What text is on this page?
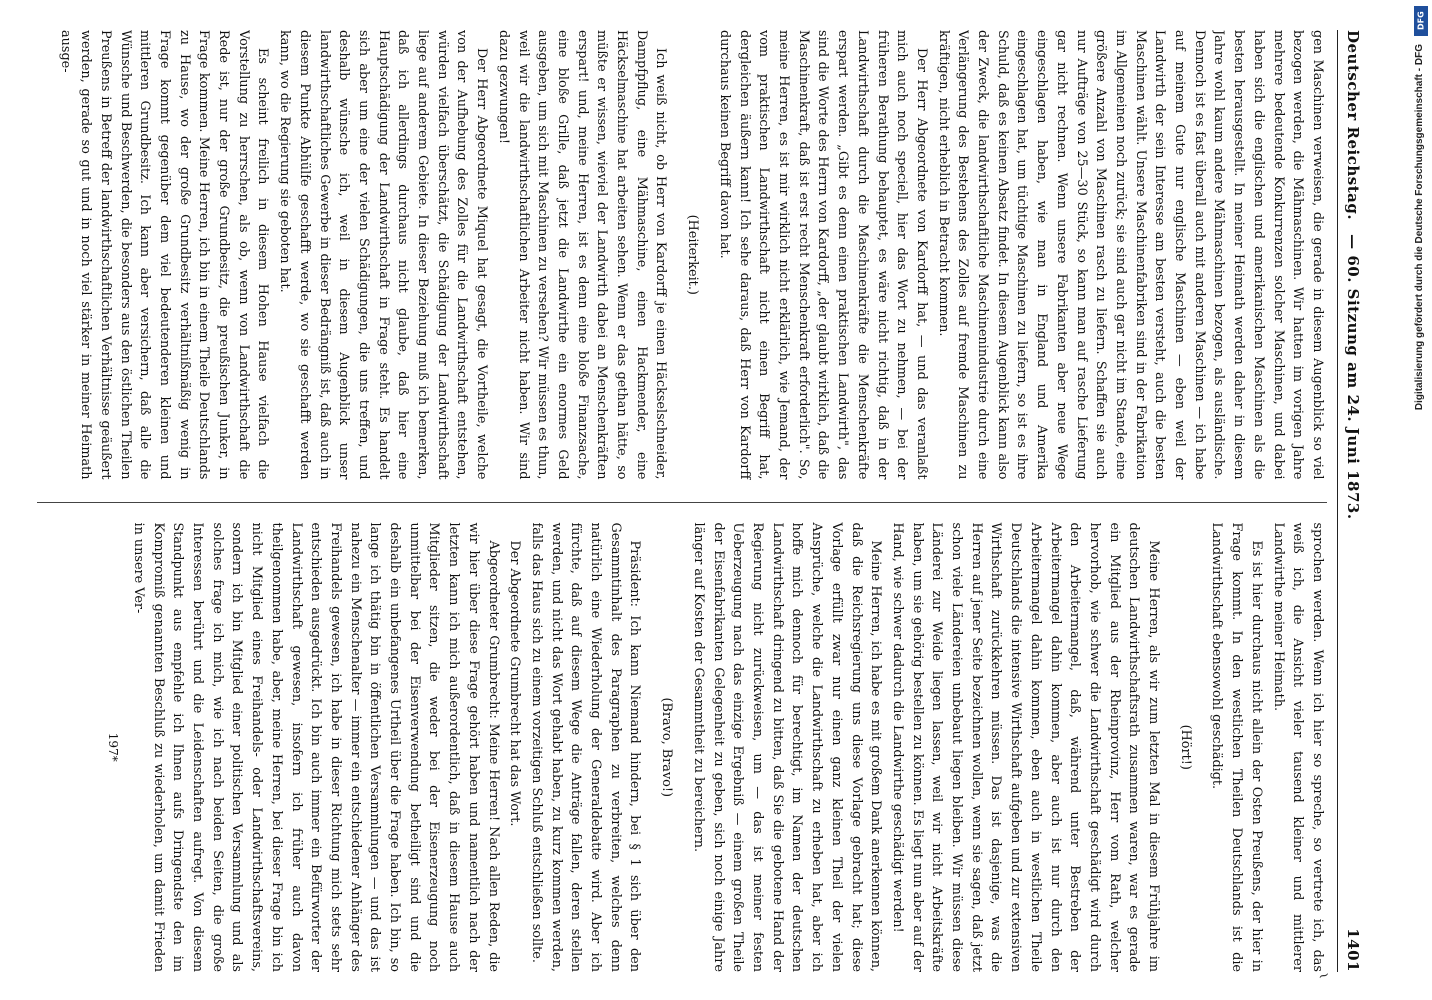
Deutscher Reichstag.
— 60. Sitzung am 24. Juni 1873.
1401

gen Maschinen verweisen, die gerade in diesem Augenblick so viel bezogen werden, die Mähmaschinen. Wir hatten im vorigen Jahre mehrere bedeutende Konkurrenzen solcher Maschinen, und dabei haben sich die englischen und amerikanischen Maschinen als die besten herausgestellt. In meiner Heimath werden daher in diesem Jahre wohl kaum andere Mähmaschinen bezogen, als ausländische. Dennoch ist es fast überall auch mit anderen Maschinen — ich habe auf meinem Gute nur englische Maschinen — eben weil der Landwirth der sein Interesse am besten versteht, auch die besten Maschinen wählt. Unsere Maschinenfabriken sind in der Fabrikation im Allgemeinen noch zurück; sie sind auch gar nicht im Stande, eine größere Anzahl von Maschinen rasch zu liefern. Schaffen sie auch nur Aufträge von 25—30 Stück, so kann man auf rasche Lieferung gar nicht rechnen. Wenn unsere Fabrikanten aber neue Wege eingeschlagen haben, wie man in England und Amerika eingeschlagen hat, um tüchtige Maschinen zu liefern, so ist es ihre Schuld, daß es keinen Absatz findet. In diesem Augenblick kann also der Zweck, die landwirthschaftliche Maschinenindustrie durch eine Verlängerung des Bestehens des Zolles auf fremde Maschinen zu kräftigen, nicht erheblich in Betracht kommen.

Der Herr Abgeordnete von Kardorff hat, — und das veranlaßt mich auch noch speciell, hier das Wort zu nehmen, — bei der früheren Berathung behauptet, es wäre nicht richtig, daß in der Landwirthschaft durch die Maschinenkräfte die Menschenkräfte erspart werden. „Gibt es denn einen praktischen Landwirth", das sind die Worte des Herrn von Kardorff, „der glaubt wirklich, daß die Maschinenkraft, daß ist erst recht Menschenkraft erforderlich". So, meine Herren, es ist mir wirklich nicht erklärlich, wie Jemand, der vom praktischen Landwirthschaft nicht einen Begriff hat, dergleichen äußern kann! Ich sehe daraus, daß Herr von Kardorff durchaus keinen Begriff davon hat.

(Heiterkeit.)

Ich weiß nicht, ob Herr von Kardorff je einen Häckselschneider, Dampfpflug, eine Mähmaschine, einen Hackmender, eine Häckselmaschine hat arbeiten sehen. Wenn er das gethan hätte, so müßte er wissen, wieviel der Landwirth dabei an Menschenkräften erspart! und, meine Herren, ist es denn eine bloße Finanzsache, eine bloße Grille, daß jetzt die Landwirthe ein enormes Geld ausgeben, um sich mit Maschinen zu versehen? Wir müssen es thun, weil wir die landwirthschaftlichen Arbeiter nicht haben. Wir sind dazu gezwungen!

Der Herr Abgeordnete Miquel hat gesagt, die Vortheile, welche von der Aufhebung des Zolles für die Landwirthschaft entstehen, würden vielfach überschätzt, die Schädigung der Landwirthschaft liege auf anderem Gebiete. In dieser Beziehung muß ich bemerken, daß ich allerdings durchaus nicht glaube, daß hier eine Hauptschädigung der Landwirthschaft in Frage steht. Es handelt sich aber um eine der vielen Schädigungen, die uns treffen, und deshalb wünsche ich, weil in diesem Augenblick unser landwirthschaftliches Gewerbe in dieser Bedrängniß ist, daß auch in diesem Punkte Abhülfe geschafft werde, wo sie geschafft werden kann, wo die Regierung sie geboten hat.

Es scheint freilich in diesem Hohen Hause vielfach die Vorstellung zu herrschen, als ob, wenn von Landwirthschaft die Rede ist, nur der große Grundbesitz, die preußischen Junker, in Frage kommen. Meine Herren, ich bin in einem Theile Deutschlands zu Hause, wo der große Grundbesitz verhältnißmäßig wenig in Frage kommt gegenüber dem viel bedeutenderen kleinen und mittleren Grundbesitz. Ich kann aber versichern, daß alle die Wünsche und Beschwerden, die besonders aus den östlichen Theilen Preußens in Betreff der landwirthschaftlichen Verhältnisse geäußert werden, gerade so gut und in noch viel stärker in meiner Heimath ausge-

sprochen werden. Wenn ich hier so spreche, so vertrete ich, das weiß ich, die Ansicht vieler tausend kleiner und mittlerer Landwirthe meiner Heimath.

Es ist hier durchaus nicht allein der Osten Preußens, der hier in Frage kommt. In den westlichen Theilen Deutschlands ist die Landwirthschaft ebensowohl geschädigt.

(Hört!)

Meine Herren, als wir zum letzten Mal in diesem Frühjahre im deutschen Landwirthschaftsrath zusammen waren, war es gerade ein Mitglied aus der Rheinprovinz, Herr vom Rath, welcher hervorhob, wie schwer die Landwirthschaft geschädigt wird durch den Arbeitermangel, daß, während unter Bestreben der Arbeitermangel dahin kommen, aber auch ist nur durch den Arbeitermangel dahin kommen, eben auch in westlichen Theile Deutschlands die intensive Wirthschaft aufgeben und zur extensiven Wirthschaft zurückkehren müssen. Das ist dasjenige, was die Herren auf jener Seite bezeichnen wollen, wenn sie sagen, daß jetzt schon viele Ländereien unbebaut liegen bleiben. Wir müssen diese Länderei zur Weide liegen lassen, weil wir nicht Arbeitskräfte haben, um sie gehörig bestellen zu können. Es liegt nun aber auf der Hand, wie schwer dadurch die Landwirthe geschädigt werden!

Meine Herren, ich habe es mit großem Dank anerkennen können, daß die Reichsregierung uns diese Vorlage gebracht hat; diese Vorlage erfüllt zwar nur einen ganz kleinen Theil der vielen Ansprüche, welche die Landwirthschaft zu erheben hat, aber ich hoffe mich dennoch für berechtigt, im Namen der deutschen Landwirthschaft dringend zu bitten, daß Sie die gebotene Hand der Regierung nicht zurückweisen, um — das ist meiner festen Ueberzeugung nach das einzige Ergebniß — einem großen Theile der Eisenfabrikanten Gelegenheit zu geben, sich noch einige Jahre länger auf Kosten der Gesammtheit zu bereichern.

(Bravo, Bravo!)

Präsident: Ich kann Niemand hindern, bei § 1 sich über den Gesammtinhalt des Paragraphen zu verbreiten, welches denn natürlich eine Wiederholung der Generaldebatte wird. Aber ich fürchte, daß auf diesem Wege die Anträge fallen, deren stellen werden, und nicht das Wort gehabt haben, zu kurz kommen werden, falls das Haus sich zu einem vorzeitigen Schluß entschließen sollte.

Der Abgeordnete Grumbrecht hat das Wort.

Abgeordneter Grumbrecht: Meine Herren! Nach allen Reden, die wir hier über diese Frage gehört haben und namentlich nach der letzten kann ich mich außerordentlich, daß in diesem Hause auch Mitglieder sitzen, die weder bei der Eisenerzeugung noch unmittelbar bei der Eisenverwendung betheiligt sind und die deshalb ein unbefangenes Urtheil über die Frage haben. Ich bin, so lange ich thätig bin in öffentlichen Versammlungen — und das ist nahezu ein Menschenalter — immer ein entschiedener Anhänger des Freihandels gewesen, ich habe in dieser Richtung mich stets sehr entschieden ausgedrückt. Ich bin auch immer ein Befürworter der Landwirthschaft gewesen, insofern ich früher auch davon theilgenommen habe, aber, meine Herren, bei dieser Frage bin ich nicht Mitglied eines Freihandels- oder Landwirthschaftsvereins, sondern ich bin Mitglied einer politischen Versammlung und als solches frage ich mich, wie ich nach beiden Seiten, die große Interessen berührt und die Leidenschaften aufregt. Von diesem Standpunkt aus empfehle ich Ihnen aufs Dringendste den im Kompromiß genannten Beschluß zu wiederholen, um damit Frieden in unsere Ver-

197*
DFG
Digitalisierung gefördert durch die Deutsche Forschungsgemeinschaft - DFG
~
